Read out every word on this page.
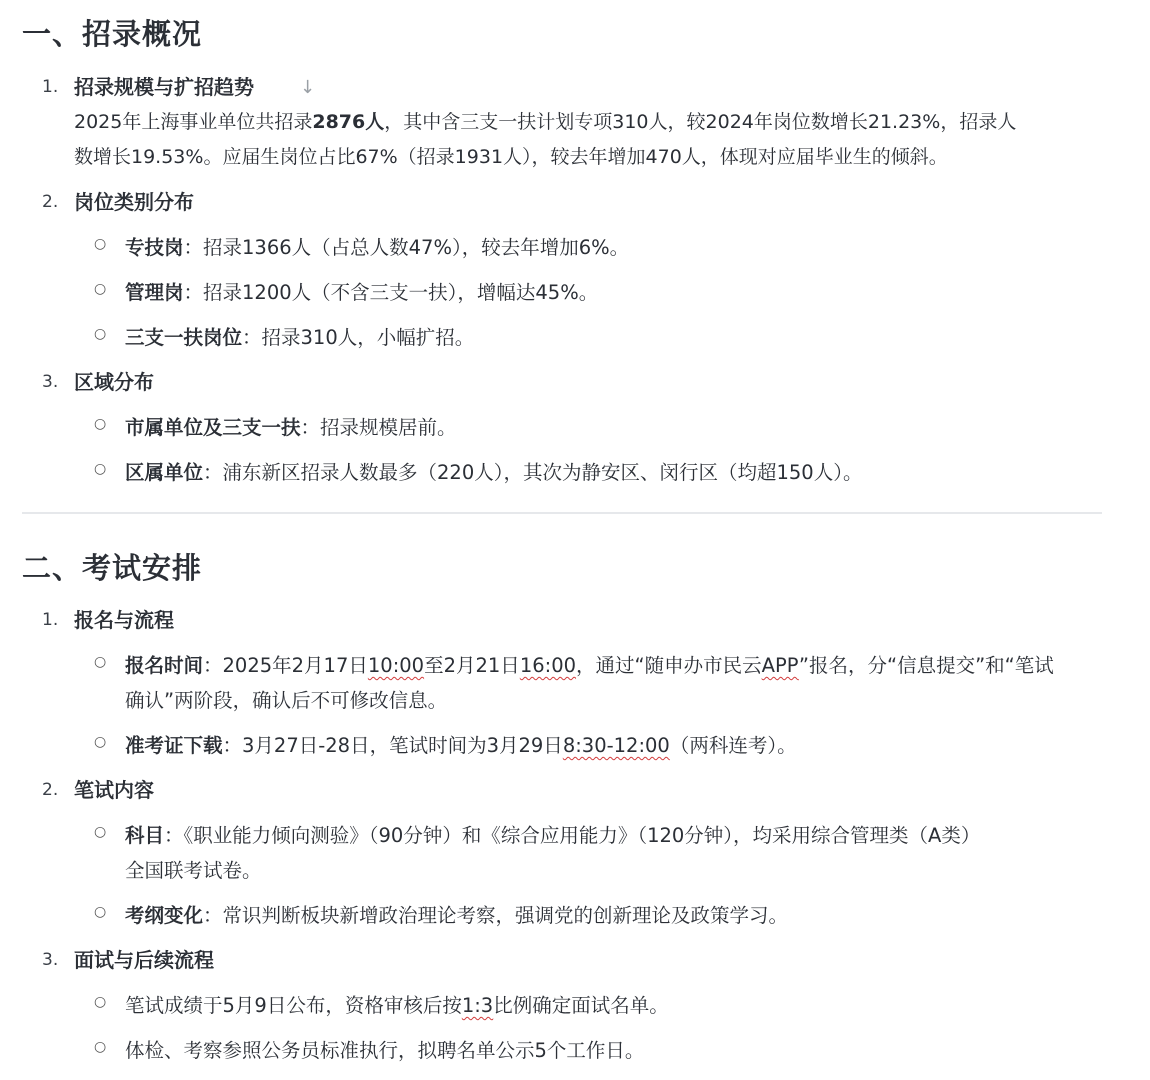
一、招录概况
1. 招录规模与扩招趋势	↓
2025年上海事业单位共招录2876人，其中含三支一扶计划专项310人，较2024年岗位数增长21.23%，招录人
数增长19.53%。应届生岗位占比67%（招录1931人），较去年增加470人，体现对应届毕业生的倾斜。
2. 岗位类别分布
○ 专技岗：招录1366人（占总人数47%），较去年增加6%。
○ 管理岗：招录1200人（不含三支一扶），增幅达45%。
○ 三支一扶岗位：招录310人，小幅扩招。
3. 区域分布
○ 市属单位及三支一扶：招录规模居前。
○ 区属单位：浦东新区招录人数最多（220人），其次为静安区、闵行区（均超150人）。
二、考试安排
1. 报名与流程
○ 报名时间：2025年2月17日10:00至2月21日16:00，通过“随申办市民云APP”报名，分“信息提交”和“笔试
确认”两阶段，确认后不可修改信息。
○ 准考证下载：3月27日-28日，笔试时间为3月29日8:30-12:00（两科连考）。
2. 笔试内容
○ 科目：《职业能力倾向测验》（90分钟）和《综合应用能力》（120分钟），均采用综合管理类（A类）
全国联考试卷。
○ 考纲变化：常识判断板块新增政治理论考察，强调党的创新理论及政策学习。
3. 面试与后续流程
○ 笔试成绩于5月9日公布，资格审核后按1:3比例确定面试名单。
○ 体检、考察参照公务员标准执行，拟聘名单公示5个工作日。
